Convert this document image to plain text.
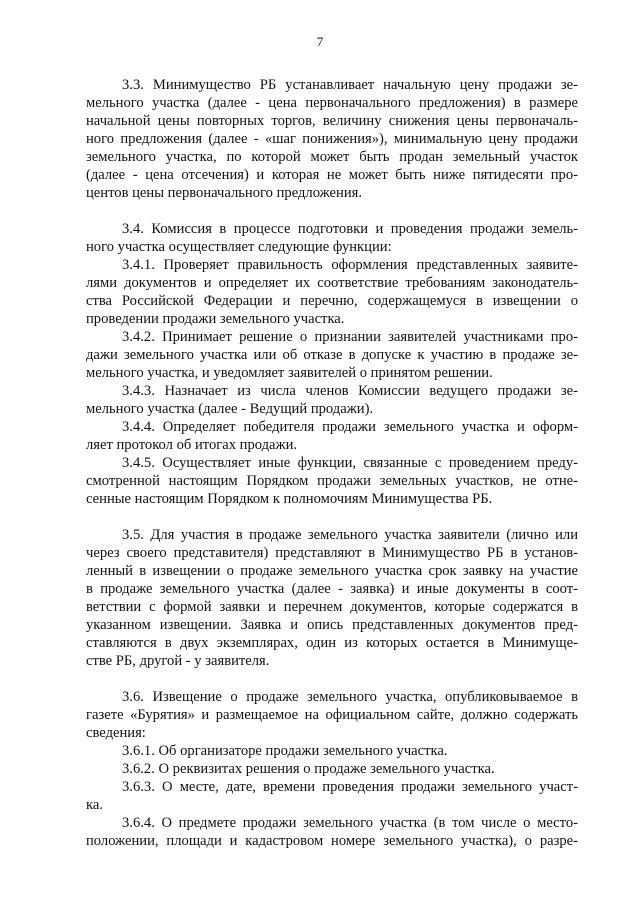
7
3.3. Минимущество РБ устанавливает начальную цену продажи зе-
мельного участка (далее - цена первоначального предложения) в размере
начальной цены повторных торгов, величину снижения цены первоначаль-
ного предложения (далее - «шаг понижения»), минимальную цену продажи
земельного участка, по которой может быть продан земельный участок
(далее - цена отсечения) и которая не может быть ниже пятидесяти про-
центов цены первоначального предложения.
3.4. Комиссия в процессе подготовки и проведения продажи земель-
ного участка осуществляет следующие функции:
3.4.1. Проверяет правильность оформления представленных заявите-
лями документов и определяет их соответствие требованиям законодатель-
ства Российской Федерации и перечню, содержащемуся в извещении о
проведении продажи земельного участка.
3.4.2. Принимает решение о признании заявителей участниками про-
дажи земельного участка или об отказе в допуске к участию в продаже зе-
мельного участка, и уведомляет заявителей о принятом решении.
3.4.3. Назначает из числа членов Комиссии ведущего продажи зе-
мельного участка (далее - Ведущий продажи).
3.4.4. Определяет победителя продажи земельного участка и оформ-
ляет протокол об итогах продажи.
3.4.5. Осуществляет иные функции, связанные с проведением преду-
смотренной настоящим Порядком продажи земельных участков, не отне-
сенные настоящим Порядком к полномочиям Минимущества РБ.
3.5. Для участия в продаже земельного участка заявители (лично или
через своего представителя) представляют в Минимущество РБ в установ-
ленный в извещении о продаже земельного участка срок заявку на участие
в продаже земельного участка (далее - заявка) и иные документы в соот-
ветствии с формой заявки и перечнем документов, которые содержатся в
указанном извещении. Заявка и опись представленных документов пред-
ставляются в двух экземплярах, один из которых остается в Минимуще-
стве РБ, другой - у заявителя.
3.6. Извещение о продаже земельного участка, опубликовываемое в
газете «Бурятия» и размещаемое на официальном сайте, должно содержать
сведения:
3.6.1. Об организаторе продажи земельного участка.
3.6.2. О реквизитах решения о продаже земельного участка.
3.6.3. О месте, дате, времени проведения продажи земельного участ-
ка.
3.6.4. О предмете продажи земельного участка (в том числе о место-
положении, площади и кадастровом номере земельного участка), о разре-
